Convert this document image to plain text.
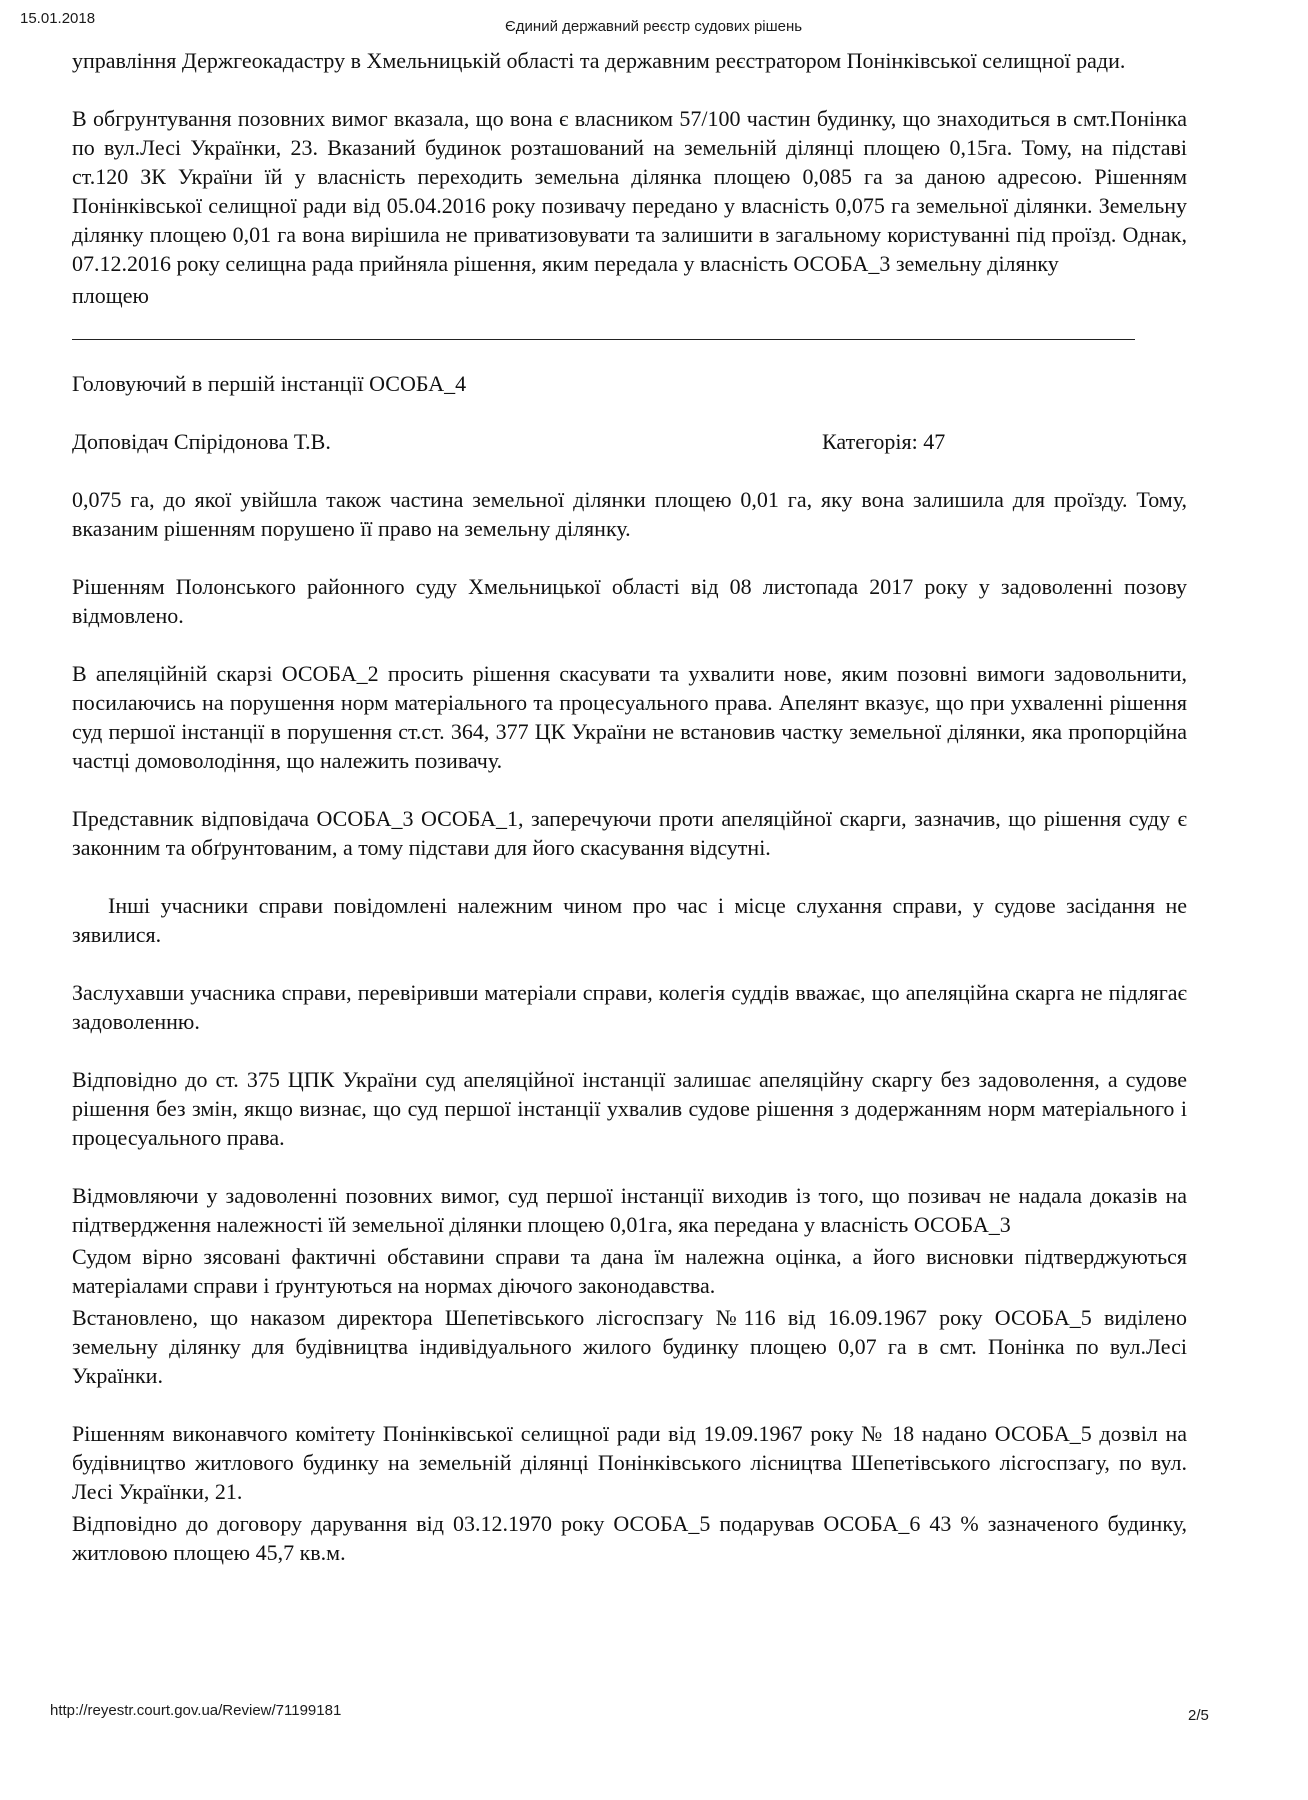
15.01.2018	Єдиний державний реєстр судових рішень

управління Держгеокадастру в Хмельницькій області та державним реєстратором Понінківської селищної ради.

В обгрунтування позовних вимог вказала, що вона є власником 57/100 частин будинку, що знаходиться в смт.Понінка по вул.Лесі Українки, 23. Вказаний будинок розташований на земельній ділянці площею 0,15га. Тому, на підставі ст.120 ЗК України їй у власність переходить земельна ділянка площею 0,085 га за даною адресою. Рішенням Понінківської селищної ради від 05.04.2016 року позивачу передано у власність 0,075 га земельної ділянки. Земельну ділянку площею 0,01 га вона вирішила не приватизовувати та залишити в загальному користуванні під проїзд. Однак, 07.12.2016 року селищна рада прийняла рішення, яким передала у власність ОСОБА_3 земельну ділянку

площею

Головуючий в першій інстанції ОСОБА_4

Доповідач Спірідонова Т.В.	Категорія: 47

0,075 га, до якої увійшла також частина земельної ділянки площею 0,01 га, яку вона залишила для проїзду. Тому, вказаним рішенням порушено її право на земельну ділянку.

Рішенням Полонського районного суду Хмельницької області від 08 листопада 2017 року у задоволенні позову відмовлено.

В апеляційній скарзі ОСОБА_2 просить рішення скасувати та ухвалити нове, яким позовні вимоги задовольнити, посилаючись на порушення норм матеріального та процесуального права. Апелянт вказує, що при ухваленні рішення суд першої інстанції в порушення ст.ст. 364, 377 ЦК України не встановив частку земельної ділянки, яка пропорційна частці домоволодіння, що належить позивачу.

Представник відповідача ОСОБА_3 ОСОБА_1, заперечуючи проти апеляційної скарги, зазначив, що рішення суду є законним та обґрунтованим, а тому підстави для його скасування відсутні.

Інші учасники справи повідомлені належним чином про час і місце слухання справи, у судове засідання не зявилися.

Заслухавши учасника справи, перевіривши матеріали справи, колегія суддів вважає, що апеляційна скарга не підлягає задоволенню.

Відповідно до ст. 375 ЦПК України суд апеляційної інстанції залишає апеляційну скаргу без задоволення, а судове рішення без змін, якщо визнає, що суд першої інстанції ухвалив судове рішення з додержанням норм матеріального і процесуального права.

Відмовляючи у задоволенні позовних вимог, суд першої інстанції виходив із того, що позивач не надала доказів на підтвердження належності їй земельної ділянки площею 0,01га, яка передана у власність ОСОБА_3

Судом вірно зясовані фактичні обставини справи та дана їм належна оцінка, а його висновки підтверджуються матеріалами справи і ґрунтуються на нормах діючого законодавства.

Встановлено, що наказом директора Шепетівського лісгоспзагу №116 від 16.09.1967 року ОСОБА_5 виділено земельну ділянку для будівництва індивідуального жилого будинку площею 0,07 га в смт. Понінка по вул.Лесі Українки.

Рішенням виконавчого комітету Понінківської селищної ради від 19.09.1967 року № 18 надано ОСОБА_5 дозвіл на будівництво житлового будинку на земельній ділянці Понінківського лісництва Шепетівського лісгоспзагу, по вул. Лесі Українки, 21.

Відповідно до договору дарування від 03.12.1970 року ОСОБА_5 подарував ОСОБА_6 43 % зазначеного будинку, житловою площею 45,7 кв.м.

http://reyestr.court.gov.ua/Review/71199181	2/5
